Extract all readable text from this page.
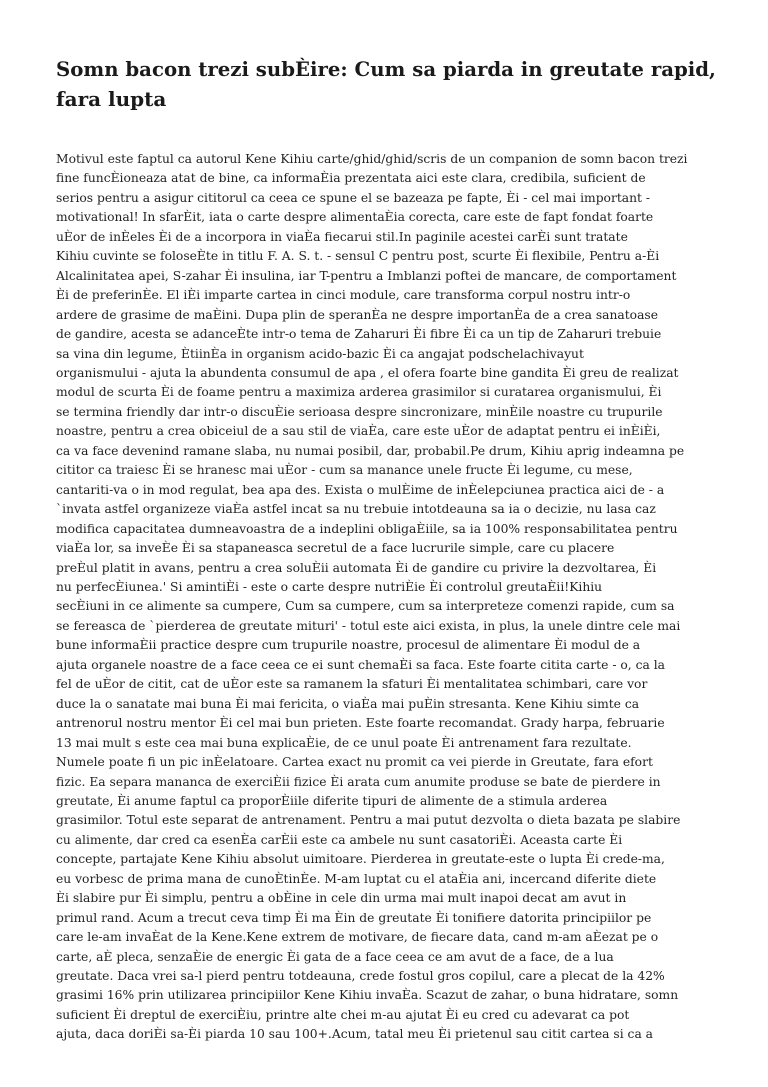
Somn bacon trezi subÈire: Cum sa piarda in greutate rapid,
fara lupta
Motivul este faptul ca autorul Kene Kihiu carte/ghid/ghid/scris de un companion de somn bacon trezi
fine funcÈioneaza atat de bine, ca informaÈia prezentata aici este clara, credibila, suficient de
serios pentru a asigur cititorul ca ceea ce spune el se bazeaza pe fapte, Èi - cel mai important -
motivational! In sfarÈit, iata o carte despre alimentaÈia corecta, care este de fapt fondat foarte
uÈor de inÈeles Èi de a incorpora in viaÈa fiecarui stil.In paginile acestei carÈi sunt tratate
Kihiu cuvinte se foloseÈte in titlu F. A. S. t. - sensul C pentru post, scurte Èi flexibile, Pentru a-Èi
Alcalinitatea apei, S-zahar Èi insulina, iar T-pentru a Imblanzi poftei de mancare, de comportament
Èi de preferinÈe. El iÈi imparte cartea in cinci module, care transforma corpul nostru intr-o
ardere de grasime de maÈini. Dupa plin de speranÈa ne despre importanÈa de a crea sanatoase
de gandire, acesta se adanceÈte intr-o tema de Zaharuri Èi fibre Èi ca un tip de Zaharuri trebuie
sa vina din legume, ÈtiinÈa in organism acido-bazic Èi ca angajat podschelachivayut
organismului - ajuta la abundenta consumul de apa , el ofera foarte bine gandita Èi greu de realizat
modul de scurta Èi de foame pentru a maximiza arderea grasimilor si curatarea organismului, Èi
se termina friendly dar intr-o discuÈie serioasa despre sincronizare, minÈile noastre cu trupurile
noastre, pentru a crea obiceiul de a sau stil de viaÈa, care este uÈor de adaptat pentru ei inÈiÈi,
ca va face devenind ramane slaba, nu numai posibil, dar, probabil.Pe drum, Kihiu aprig indeamna pe
cititor ca traiesc Èi se hranesc mai uÈor - cum sa manance unele fructe Èi legume, cu mese,
cantariti-va o in mod regulat, bea apa des. Exista o mulÈime de inÈelepciunea practica aici de - a
`invata astfel organizeze viaÈa astfel incat sa nu trebuie intotdeauna sa ia o decizie, nu lasa caz
modifica capacitatea dumneavoastra de a indeplini obligaÈiile, sa ia 100% responsabilitatea pentru
viaÈa lor, sa inveÈe Èi sa stapaneasca secretul de a face lucrurile simple, care cu placere
preÈul platit in avans, pentru a crea soluÈii automata Èi de gandire cu privire la dezvoltarea, Èi
nu perfecÈiunea.' Si amintiÈi - este o carte despre nutriÈie Èi controlul greutaÈii!Kihiu
secÈiuni in ce alimente sa cumpere, Cum sa cumpere, cum sa interpreteze comenzi rapide, cum sa
se fereasca de `pierderea de greutate mituri' - totul este aici exista, in plus, la unele dintre cele mai
bune informaÈii practice despre cum trupurile noastre, procesul de alimentare Èi modul de a
ajuta organele noastre de a face ceea ce ei sunt chemaÈi sa faca. Este foarte citita carte - o, ca la
fel de uÈor de citit, cat de uÈor este sa ramanem la sfaturi Èi mentalitatea schimbari, care vor
duce la o sanatate mai buna Èi mai fericita, o viaÈa mai puÈin stresanta. Kene Kihiu simte ca
antrenorul nostru mentor Èi cel mai bun prieten. Este foarte recomandat. Grady harpa, februarie
13 mai mult s este cea mai buna explicaÈie, de ce unul poate Èi antrenament fara rezultate.
Numele poate fi un pic inÈelatoare. Cartea exact nu promit ca vei pierde in Greutate, fara efort
fizic. Ea separa mananca de exerciÈii fizice Èi arata cum anumite produse se bate de pierdere in
greutate, Èi anume faptul ca proporÈiile diferite tipuri de alimente de a stimula arderea
grasimilor. Totul este separat de antrenament. Pentru a mai putut dezvolta o dieta bazata pe slabire
cu alimente, dar cred ca esenÈa carÈii este ca ambele nu sunt casatoriÈi. Aceasta carte Èi
concepte, partajate Kene Kihiu absolut uimitoare. Pierderea in greutate-este o lupta Èi crede-ma,
eu vorbesc de prima mana de cunoÈtinÈe. M-am luptat cu el ataÈia ani, incercand diferite diete
Èi slabire pur Èi simplu, pentru a obÈine in cele din urma mai mult inapoi decat am avut in
primul rand. Acum a trecut ceva timp Èi ma Èin de greutate Èi tonifiere datorita principiilor pe
care le-am invaÈat de la Kene.Kene extrem de motivare, de fiecare data, cand m-am aÈezat pe o
carte, aÈ pleca, senzaÈie de energic Èi gata de a face ceea ce am avut de a face, de a lua
greutate. Daca vrei sa-l pierd pentru totdeauna, crede fostul gros copilul, care a plecat de la 42%
grasimi 16% prin utilizarea principiilor Kene Kihiu invaÈa. Scazut de zahar, o buna hidratare, somn
suficient Èi dreptul de exerciÈiu, printre alte chei m-au ajutat Èi eu cred cu adevarat ca pot
ajuta, daca doriÈi sa-Èi piarda 10 sau 100+.Acum, tatal meu Èi prietenul sau citit cartea si ca a
